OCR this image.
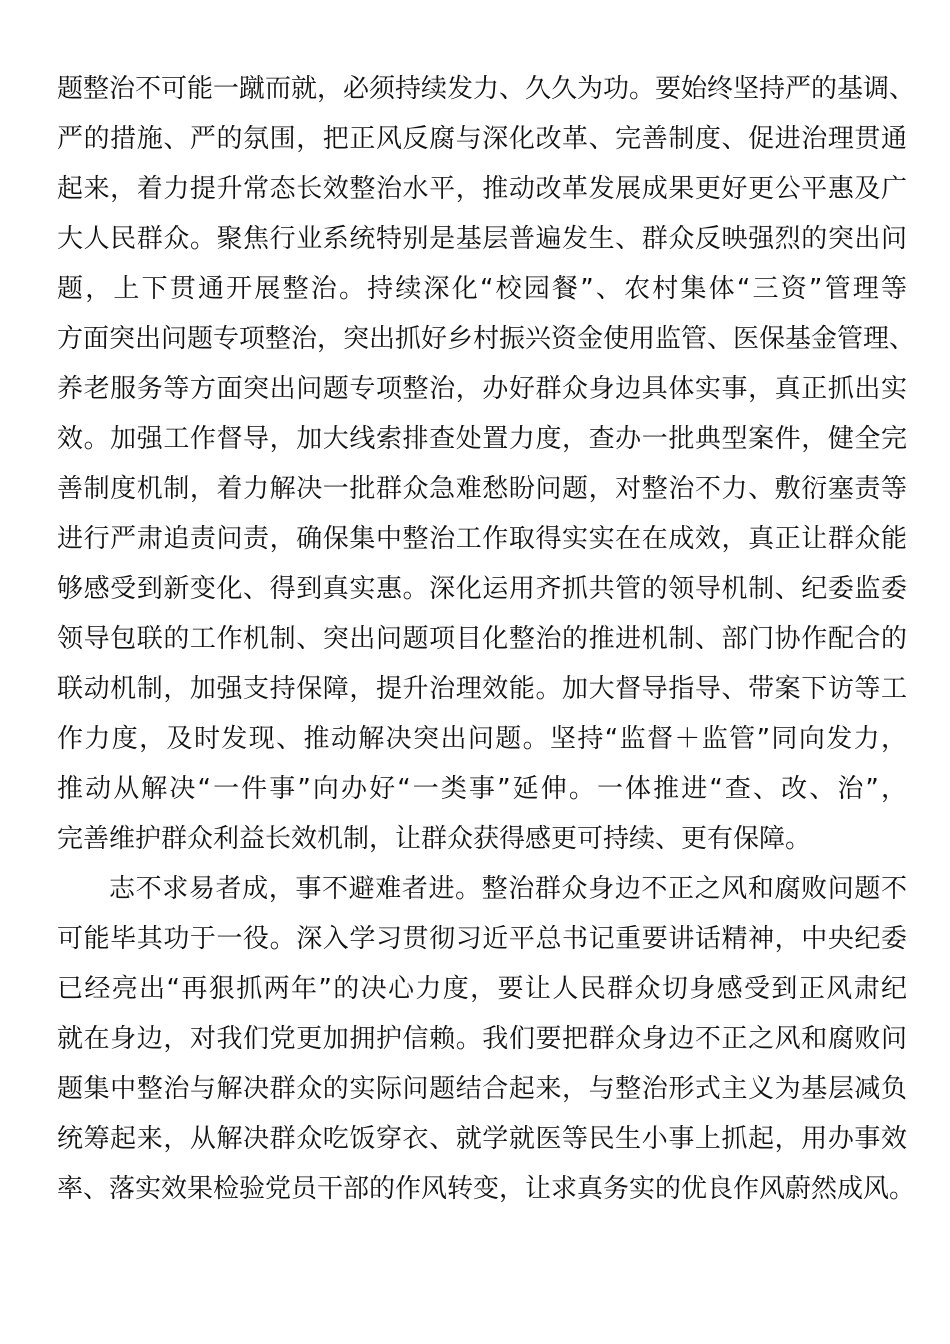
题整治不可能一蹴而就，必须持续发力、久久为功。要始终坚持严的基调、
严的措施、严的氛围，把正风反腐与深化改革、完善制度、促进治理贯通
起来，着力提升常态长效整治水平，推动改革发展成果更好更公平惠及广
大人民群众。聚焦行业系统特别是基层普遍发生、群众反映强烈的突出问
题，上下贯通开展整治。持续深化“校园餐”、农村集体“三资”管理等
方面突出问题专项整治，突出抓好乡村振兴资金使用监管、医保基金管理、
养老服务等方面突出问题专项整治，办好群众身边具体实事，真正抓出实
效。加强工作督导，加大线索排查处置力度，查办一批典型案件，健全完
善制度机制，着力解决一批群众急难愁盼问题，对整治不力、敷衍塞责等
进行严肃追责问责，确保集中整治工作取得实实在在成效，真正让群众能
够感受到新变化、得到真实惠。深化运用齐抓共管的领导机制、纪委监委
领导包联的工作机制、突出问题项目化整治的推进机制、部门协作配合的
联动机制，加强支持保障，提升治理效能。加大督导指导、带案下访等工
作力度，及时发现、推动解决突出问题。坚持“监督＋监管”同向发力，
推动从解决“一件事”向办好“一类事”延伸。一体推进“查、改、治”，
完善维护群众利益长效机制，让群众获得感更可持续、更有保障。
志不求易者成，事不避难者进。整治群众身边不正之风和腐败问题不
可能毕其功于一役。深入学习贯彻习近平总书记重要讲话精神，中央纪委
已经亮出“再狠抓两年”的决心力度，要让人民群众切身感受到正风肃纪
就在身边，对我们党更加拥护信赖。我们要把群众身边不正之风和腐败问
题集中整治与解决群众的实际问题结合起来，与整治形式主义为基层减负
统筹起来，从解决群众吃饭穿衣、就学就医等民生小事上抓起，用办事效
率、落实效果检验党员干部的作风转变，让求真务实的优良作风蔚然成风。
